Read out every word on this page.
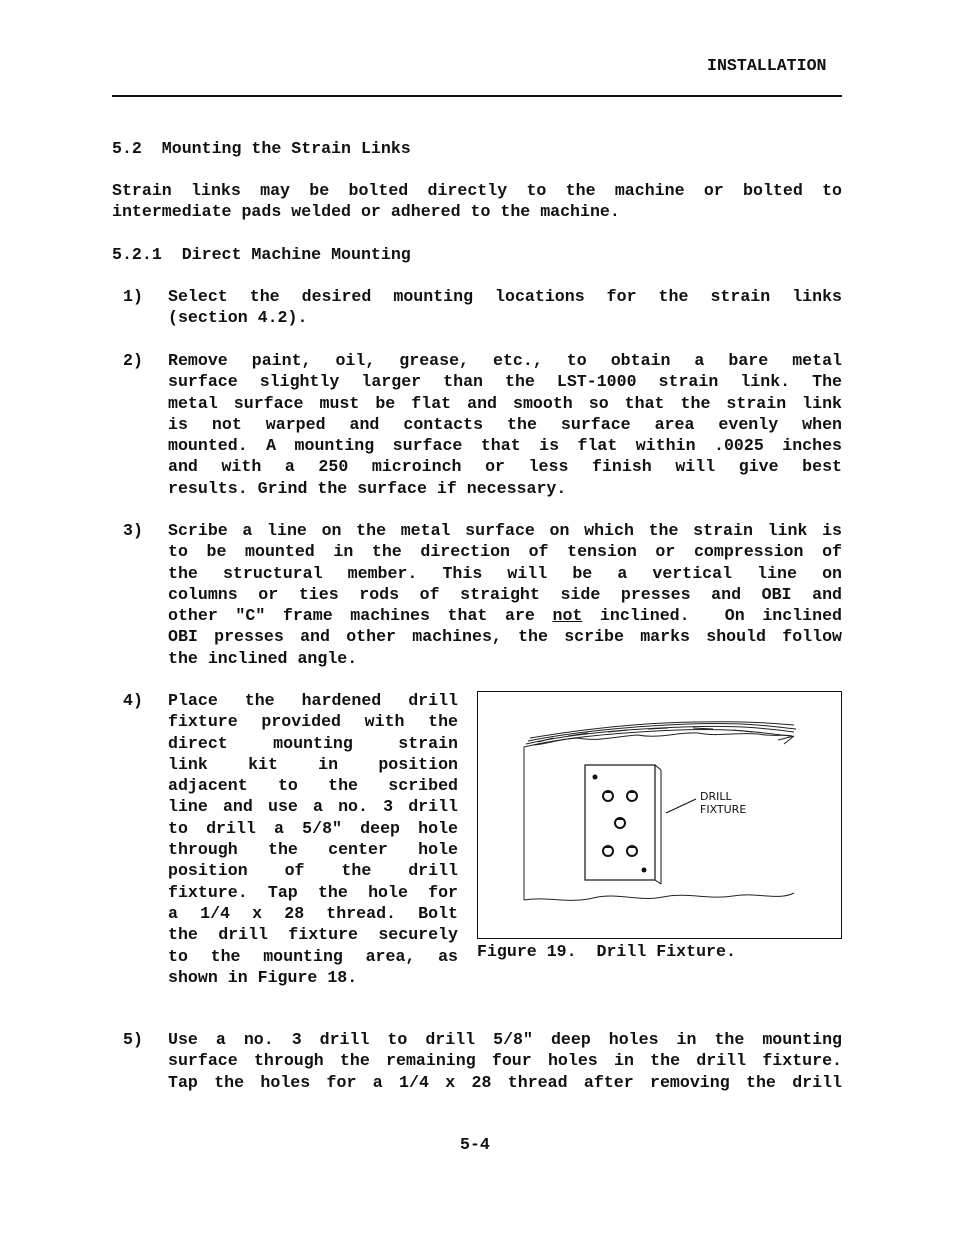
INSTALLATION
5.2  Mounting the Strain Links
Strain links may be bolted directly to the machine or bolted to
intermediate pads welded or adhered to the machine.
5.2.1  Direct Machine Mounting
1) Select the desired mounting locations for the strain links
(section 4.2).
2) Remove paint, oil, grease, etc., to obtain a bare metal
surface slightly larger than the LST-1000 strain link. The
metal surface must be flat and smooth so that the strain link
is not warped and contacts the surface area evenly when
mounted. A mounting surface that is flat within .0025 inches
and with a 250 microinch or less finish will give best
results. Grind the surface if necessary.
3) Scribe a line on the metal surface on which the strain link is
to be mounted in the direction of tension or compression of
the structural member. This will be a vertical line on
columns or ties rods of straight side presses and OBI and
other "C" frame machines that are not inclined.  On inclined
OBI presses and other machines, the scribe marks should follow
the inclined angle.
4) Place the hardened drill
fixture provided with the
direct mounting strain
link kit in position
adjacent to the scribed
line and use a no. 3 drill
to drill a 5/8" deep hole
through the center hole
position of the drill
fixture. Tap the hole for
a 1/4 x 28 thread. Bolt
the drill fixture securely
to the mounting area, as
shown in Figure 18.
DRILL
FIXTURE
Figure 19.  Drill Fixture.
5) Use a no. 3 drill to drill 5/8" deep holes in the mounting
surface through the remaining four holes in the drill fixture.
Tap the holes for a 1/4 x 28 thread after removing the drill
5-4
